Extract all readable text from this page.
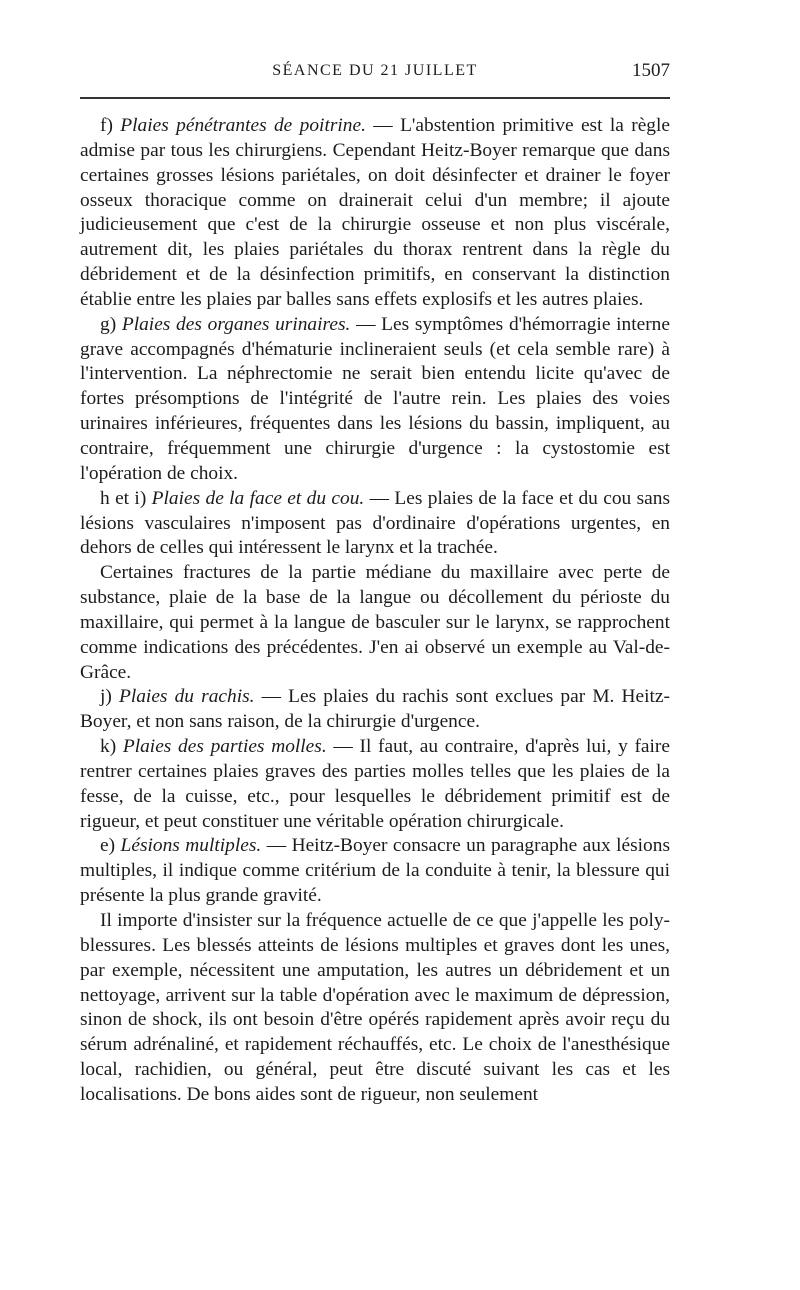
SÉANCE DU 21 JUILLET	1507

f) Plaies pénétrantes de poitrine. — L'abstention primitive est la règle admise par tous les chirurgiens. Cependant Heitz-Boyer remarque que dans certaines grosses lésions pariétales, on doit désinfecter et drainer le foyer osseux thoracique comme on drainerait celui d'un membre; il ajoute judicieusement que c'est de la chirurgie osseuse et non plus viscérale, autrement dit, les plaies pariétales du thorax rentrent dans la règle du débridement et de la désinfection primitifs, en conservant la distinction établie entre les plaies par balles sans effets explosifs et les autres plaies.

g) Plaies des organes urinaires. — Les symptômes d'hémorragie interne grave accompagnés d'hématurie inclineraient seuls (et cela semble rare) à l'intervention. La néphrectomie ne serait bien entendu licite qu'avec de fortes présomptions de l'intégrité de l'autre rein. Les plaies des voies urinaires inférieures, fréquentes dans les lésions du bassin, impliquent, au contraire, fréquemment une chirurgie d'urgence : la cystostomie est l'opération de choix.

h et i) Plaies de la face et du cou. — Les plaies de la face et du cou sans lésions vasculaires n'imposent pas d'ordinaire d'opérations urgentes, en dehors de celles qui intéressent le larynx et la trachée.

Certaines fractures de la partie médiane du maxillaire avec perte de substance, plaie de la base de la langue ou décollement du périoste du maxillaire, qui permet à la langue de basculer sur le larynx, se rapprochent comme indications des précédentes. J'en ai observé un exemple au Val-de-Grâce.

j) Plaies du rachis. — Les plaies du rachis sont exclues par M. Heitz-Boyer, et non sans raison, de la chirurgie d'urgence.

k) Plaies des parties molles. — Il faut, au contraire, d'après lui, y faire rentrer certaines plaies graves des parties molles telles que les plaies de la fesse, de la cuisse, etc., pour lesquelles le débridement primitif est de rigueur, et peut constituer une véritable opération chirurgicale.

e) Lésions multiples. — Heitz-Boyer consacre un paragraphe aux lésions multiples, il indique comme critérium de la conduite à tenir, la blessure qui présente la plus grande gravité.

Il importe d'insister sur la fréquence actuelle de ce que j'appelle les poly-blessures. Les blessés atteints de lésions multiples et graves dont les unes, par exemple, nécessitent une amputation, les autres un débridement et un nettoyage, arrivent sur la table d'opération avec le maximum de dépression, sinon de shock, ils ont besoin d'être opérés rapidement après avoir reçu du sérum adrénaliné, et rapidement réchauffés, etc. Le choix de l'anesthésique local, rachidien, ou général, peut être discuté suivant les cas et les localisations. De bons aides sont de rigueur, non seulement
